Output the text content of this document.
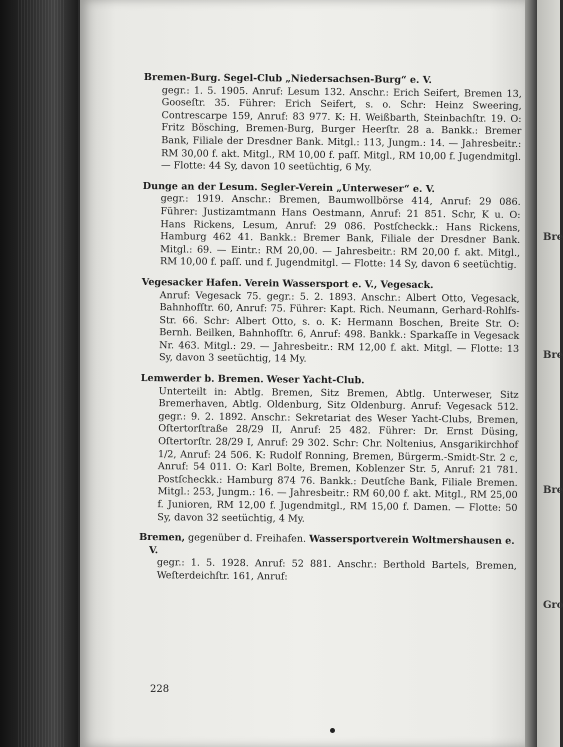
Bre
Bre
Bre
Gro
Bremen-Burg. Segel-Club „Niedersachsen-Burg“ e. V.
gegr.: 1. 5. 1905. Anruf: Lesum 132. Anschr.: Erich Seifert, Bremen 13, Gooseſtr. 35. Führer: Erich Seifert, s. o. Schr: Heinz Sweering, Contrescarpe 159, Anruf: 83 977. K: H. Weißbarth, Steinbachſtr. 19. O: Fritz Bösching, Bremen-Burg, Burger Heerſtr. 28 a. Bankk.: Bremer Bank, Filiale der Dresdner Bank. Mitgl.: 113, Jungm.: 14. — Jahresbeitr.: RM 30,00 f. akt. Mitgl., RM 10,00 f. paſſ. Mitgl., RM 10,00 f. Jugendmitgl. — Flotte: 44 Sy, davon 10 seetüchtig, 6 My.
Dunge an der Lesum. Segler-Verein „Unterweser“ e. V.
gegr.: 1919. Anschr.: Bremen, Baumwollbörse 414, Anruf: 29 086. Führer: Justizamtmann Hans Oestmann, Anruf: 21 851. Schr, K u. O: Hans Rickens, Lesum, Anruf: 29 086. Postſcheckk.: Hans Rickens, Hamburg 462 41. Bankk.: Bremer Bank, Filiale der Dresdner Bank. Mitgl.: 69. — Eintr.: RM 20,00. — Jahresbeitr.: RM 20,00 f. akt. Mitgl., RM 10,00 f. paſſ. und f. Jugendmitgl. — Flotte: 14 Sy, davon 6 seetüchtig.
Vegesacker Hafen. Verein Wassersport e. V., Vegesack.
Anruf: Vegesack 75. gegr.: 5. 2. 1893. Anschr.: Albert Otto, Vegesack, Bahnhofſtr. 60, Anruf: 75. Führer: Kapt. Rich. Neumann, Gerhard-Rohlfs-Str. 66. Schr: Albert Otto, s. o. K: Hermann Boschen, Breite Str. O: Bernh. Beilken, Bahnhofſtr. 6, Anruf: 498. Bankk.: Sparkaſſe in Vegesack Nr. 463. Mitgl.: 29. — Jahresbeitr.: RM 12,00 f. akt. Mitgl. — Flotte: 13 Sy, davon 3 seetüchtig, 14 My.
Lemwerder b. Bremen. Weser Yacht-Club.
Unterteilt in: Abtlg. Bremen, Sitz Bremen, Abtlg. Unterweser, Sitz Bremerhaven, Abtlg. Oldenburg, Sitz Oldenburg. Anruf: Vegesack 512. gegr.: 9. 2. 1892. Anschr.: Sekretariat des Weser Yacht-Clubs, Bremen, Oſtertorſtraße 28/29 II, Anruf: 25 482. Führer: Dr. Ernst Düsing, Oſtertorſtr. 28/29 I, Anruf: 29 302. Schr: Chr. Noltenius, Ansgarikirchhof 1/2, Anruf: 24 506. K: Rudolf Ronning, Bremen, Bürgerm.-Smidt-Str. 2 c, Anruf: 54 011. O: Karl Bolte, Bremen, Koblenzer Str. 5, Anruf: 21 781. Postſcheckk.: Hamburg 874 76. Bankk.: Deutſche Bank, Filiale Bremen. Mitgl.: 253, Jungm.: 16. — Jahresbeitr.: RM 60,00 f. akt. Mitgl., RM 25,00 f. Junioren, RM 12,00 f. Jugendmitgl., RM 15,00 f. Damen. — Flotte: 50 Sy, davon 32 seetüchtig, 4 My.
Bremen, gegenüber d. Freihafen. Wassersportverein Woltmershausen e. V.
gegr.: 1. 5. 1928. Anruf: 52 881. Anschr.: Berthold Bartels, Bremen, Weſterdeichſtr. 161, Anruf:
228
